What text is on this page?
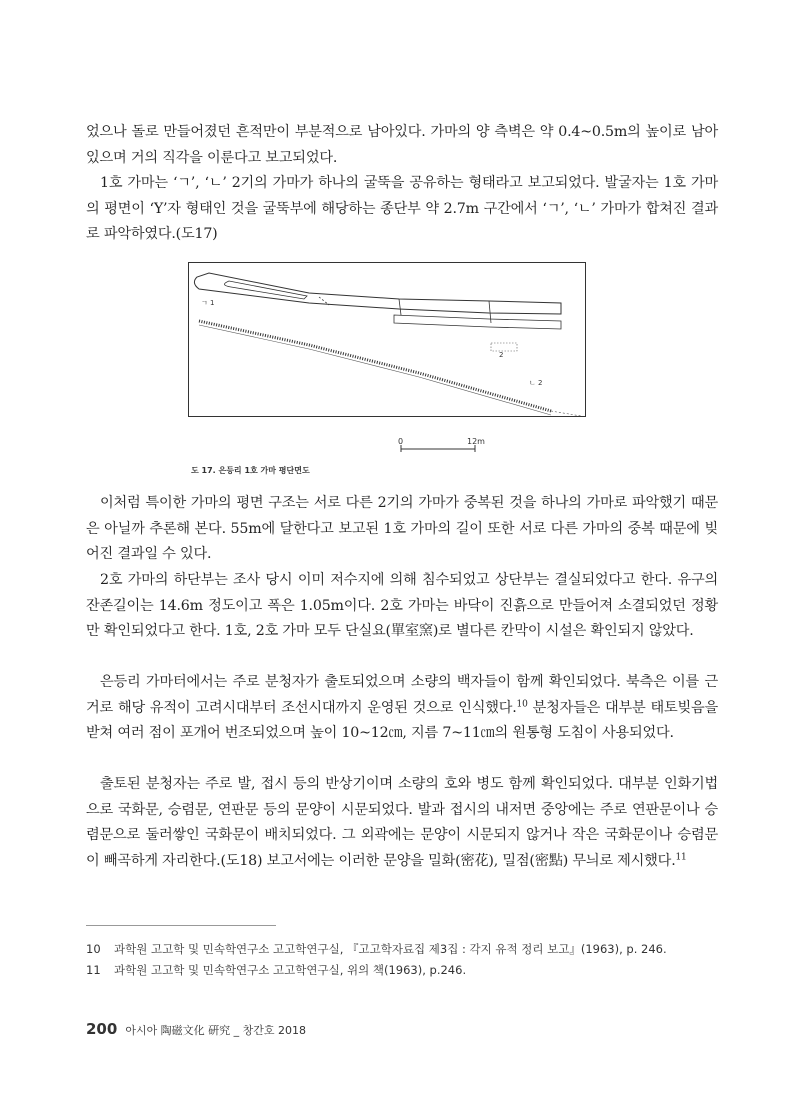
었으나 돌로 만들어졌던 흔적만이 부분적으로 남아있다. 가마의 양 측벽은 약 0.4~0.5m의 높이로 남아있으며 거의 직각을 이룬다고 보고되었다.
1호 가마는 ‘ㄱ’, ‘ㄴ’ 2기의 가마가 하나의 굴뚝을 공유하는 형태라고 보고되었다. 발굴자는 1호 가마의 평면이 ‘Y’자 형태인 것을 굴뚝부에 해당하는 종단부 약 2.7m 구간에서 ‘ㄱ’, ‘ㄴ’ 가마가 합쳐진 결과로 파악하였다.(도17)
ㄱ 1
2
ㄴ 2
0	12m
도 17. 은등리 1호 가마 평단면도
이처럼 특이한 가마의 평면 구조는 서로 다른 2기의 가마가 중복된 것을 하나의 가마로 파악했기 때문은 아닐까 추론해 본다. 55m에 달한다고 보고된 1호 가마의 길이 또한 서로 다른 가마의 중복 때문에 빚어진 결과일 수 있다.
2호 가마의 하단부는 조사 당시 이미 저수지에 의해 침수되었고 상단부는 결실되었다고 한다. 유구의 잔존길이는 14.6m 정도이고 폭은 1.05m이다. 2호 가마는 바닥이 진흙으로 만들어져 소결되었던 정황만 확인되었다고 한다. 1호, 2호 가마 모두 단실요(單室窯)로 별다른 칸막이 시설은 확인되지 않았다.
은등리 가마터에서는 주로 분청자가 출토되었으며 소량의 백자들이 함께 확인되었다. 북측은 이를 근거로 해당 유적이 고려시대부터 조선시대까지 운영된 것으로 인식했다.$^{10}$ 분청자들은 대부분 태토빚음을 받쳐 여러 점이 포개어 번조되었으며 높이 10~12㎝, 지름 7~11㎝의 원통형 도침이 사용되었다.
출토된 분청자는 주로 발, 접시 등의 반상기이며 소량의 호와 병도 함께 확인되었다. 대부분 인화기법으로 국화문, 승렴문, 연판문 등의 문양이 시문되었다. 발과 접시의 내저면 중앙에는 주로 연판문이나 승렴문으로 둘러쌓인 국화문이 배치되었다. 그 외곽에는 문양이 시문되지 않거나 작은 국화문이나 승렴문이 빼곡하게 자리한다.(도18) 보고서에는 이러한 문양을 밀화(密花), 밀점(密點) 무늬로 제시했다.$^{11}$
10 과학원 고고학 및 민속학연구소 고고학연구실, 『고고학자료집 제3집 : 각지 유적 정리 보고』(1963), p. 246.
11 과학원 고고학 및 민속학연구소 고고학연구실, 위의 책(1963), p.246.
200 아시아 陶磁文化 硏究 _ 창간호 2018
